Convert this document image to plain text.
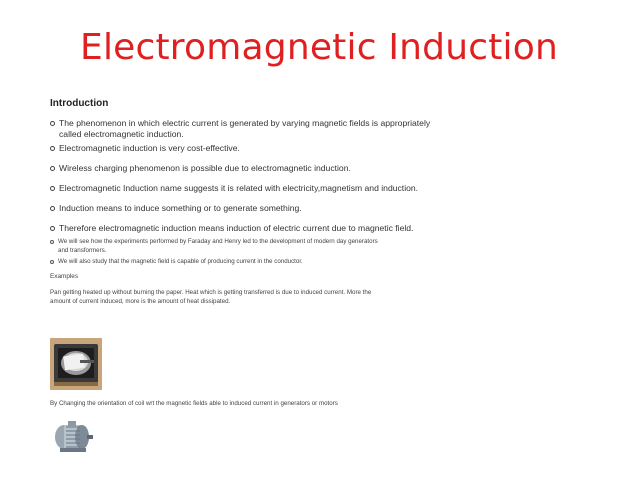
Electromagnetic Induction
Introduction
The phenomenon in which electric current is generated by varying magnetic fields is appropriately called electromagnetic induction.
Electromagnetic induction is very cost-effective.
Wireless charging phenomenon is possible due to electromagnetic induction.
Electromagnetic Induction name suggests it is related with electricity,magnetism and induction.
Induction means to induce something or to generate something.
Therefore electromagnetic induction means induction of electric current due to magnetic field.
We will see how the experiments performed by Faraday and Henry led to the development of modern day generators and transformers.
We will also study that the magnetic field is capable of producing current in the conductor.
Examples
Pan getting heated up without burning the paper. Heat which is getting transferred is due to induced current. More the amount of current induced, more is the amount of heat dissipated.
By Changing the orientation of coil wrt the magnetic fields able to induced current in generators or motors
